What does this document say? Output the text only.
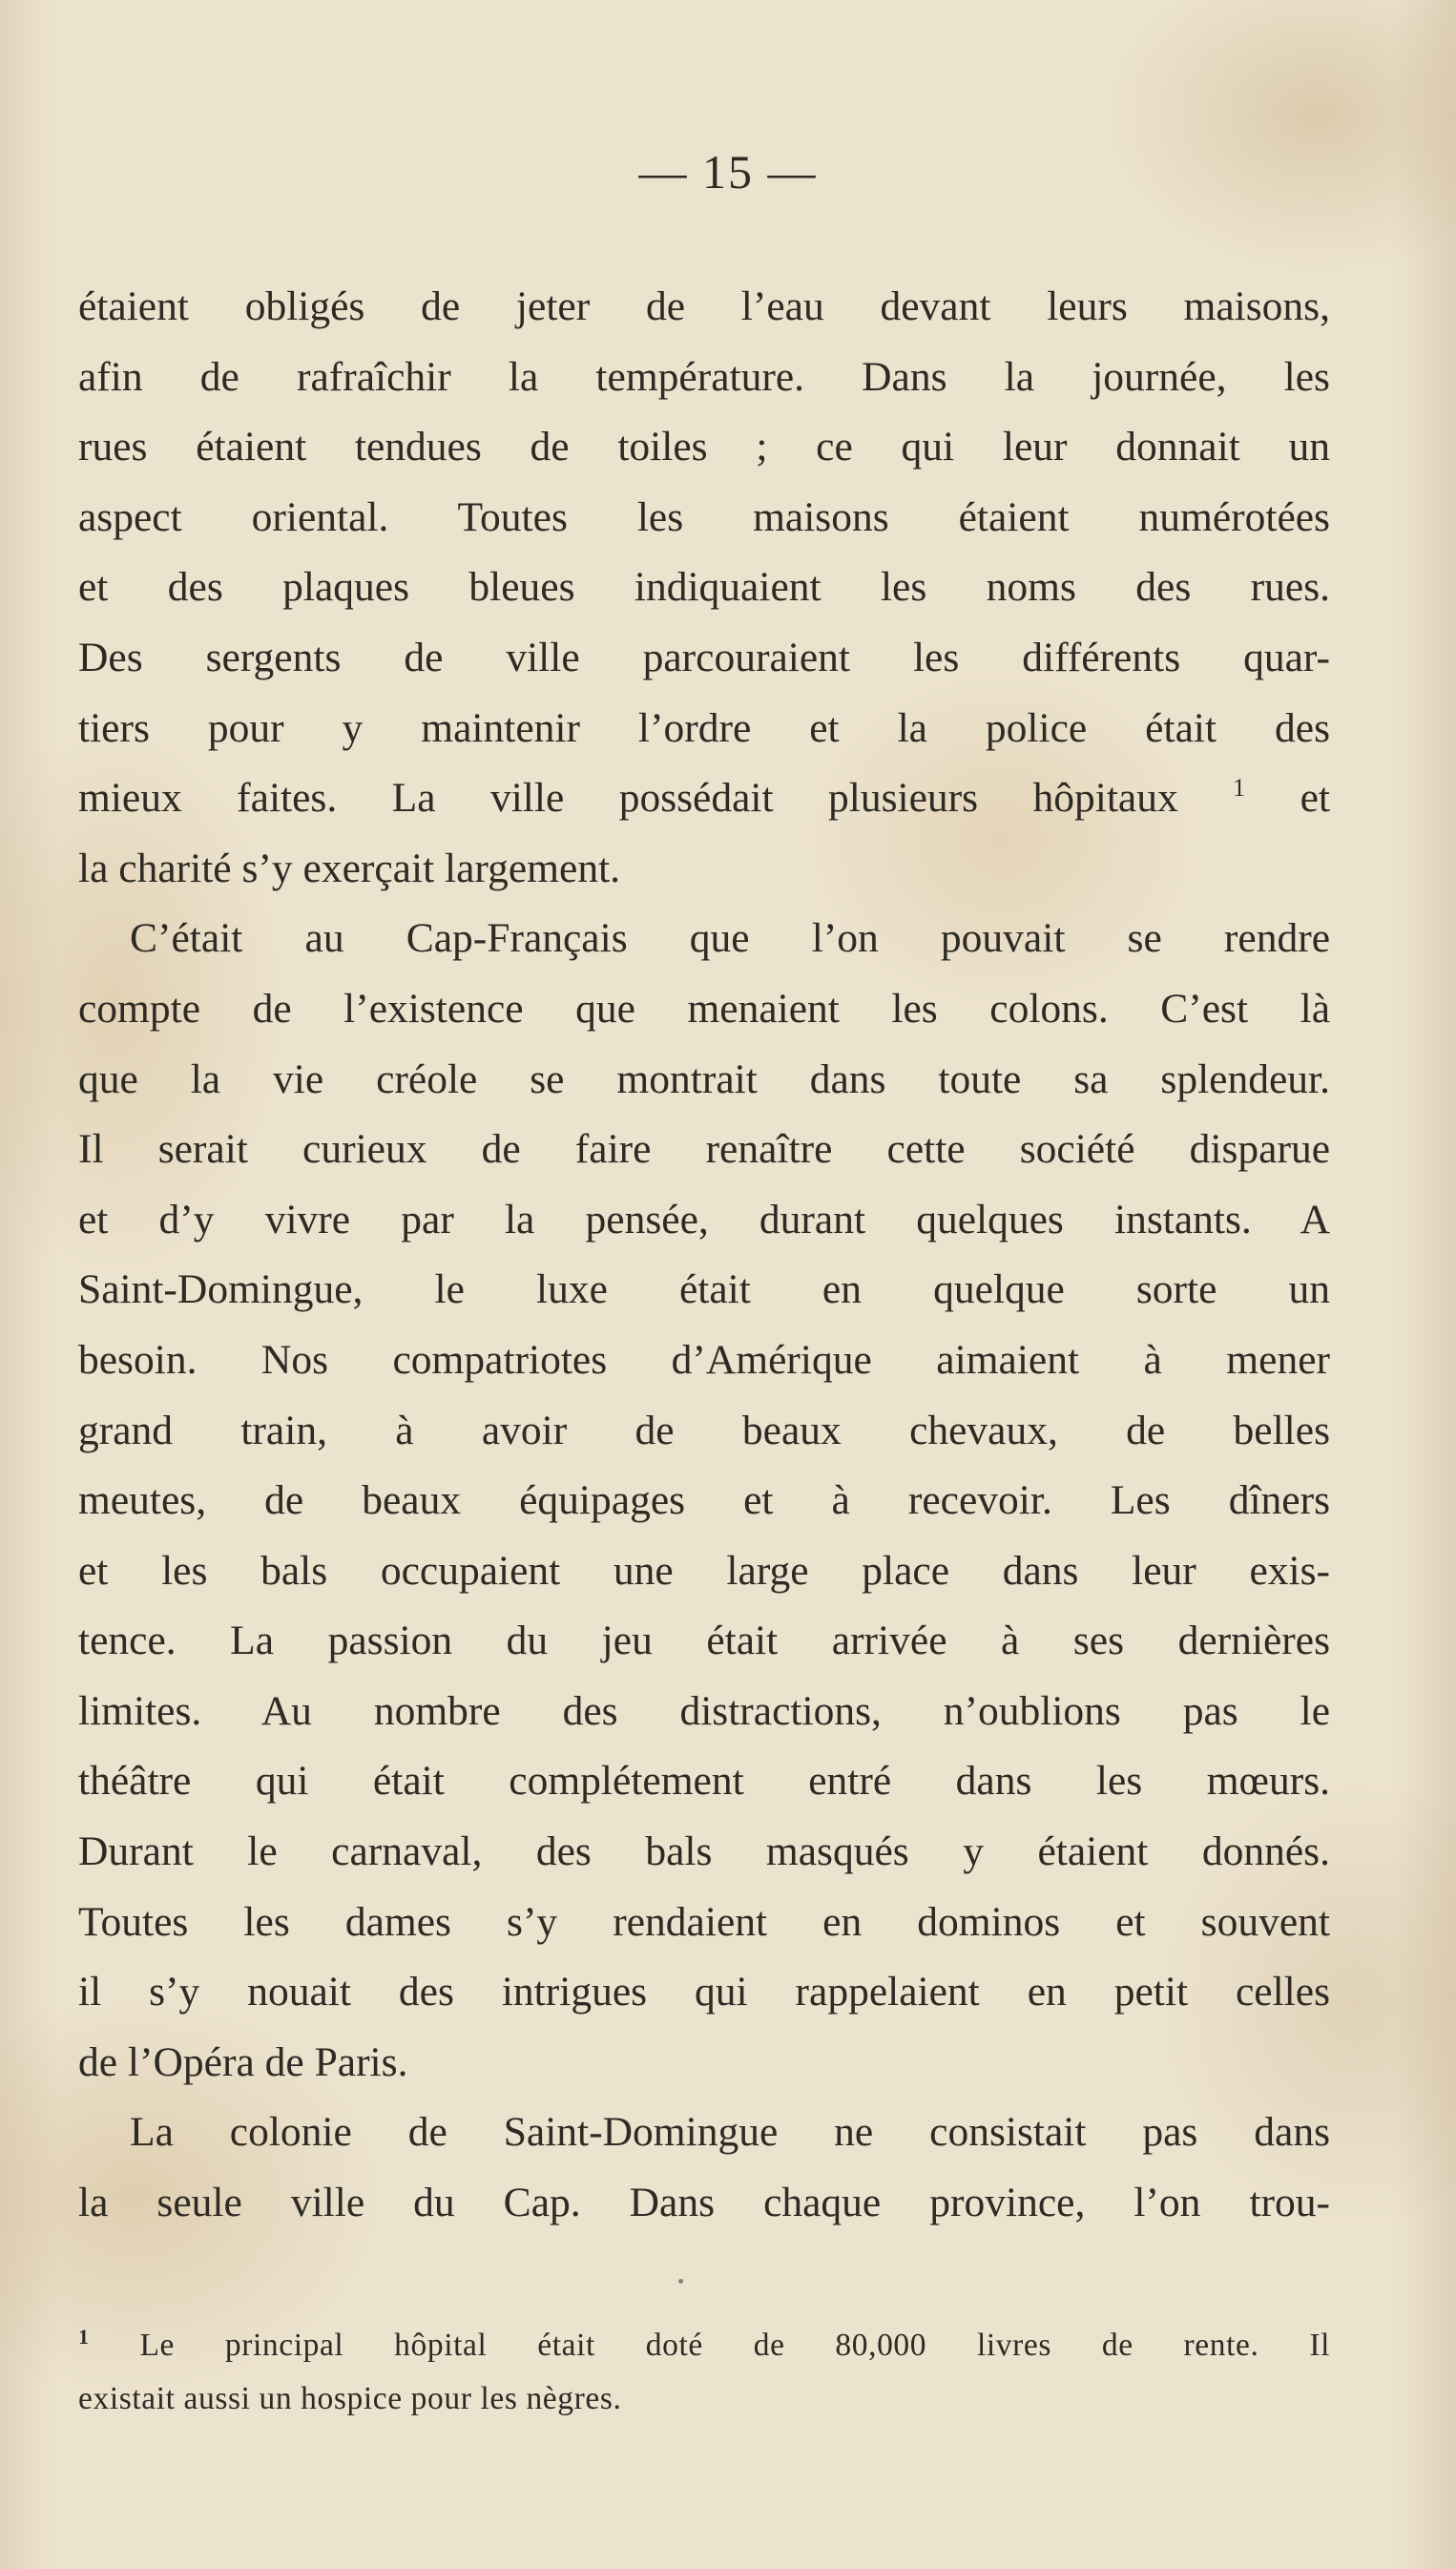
— 15 —

étaient obligés de jeter de l’eau devant leurs maisons,
afin de rafraîchir la température. Dans la journée, les
rues étaient tendues de toiles ; ce qui leur donnait un
aspect oriental. Toutes les maisons étaient numérotées
et des plaques bleues indiquaient les noms des rues.
Des sergents de ville parcouraient les différents quar-
tiers pour y maintenir l’ordre et la police était des
mieux faites. La ville possédait plusieurs hôpitaux $^1$ et
la charité s’y exerçait largement.

C’était au Cap-Français que l’on pouvait se rendre
compte de l’existence que menaient les colons. C’est là
que la vie créole se montrait dans toute sa splendeur.
Il serait curieux de faire renaître cette société disparue
et d’y vivre par la pensée, durant quelques instants. A
Saint-Domingue, le luxe était en quelque sorte un
besoin. Nos compatriotes d’Amérique aimaient à mener
grand train, à avoir de beaux chevaux, de belles
meutes, de beaux équipages et à recevoir. Les dîners
et les bals occupaient une large place dans leur exis-
tence. La passion du jeu était arrivée à ses dernières
limites. Au nombre des distractions, n’oublions pas le
théâtre qui était complétement entré dans les mœurs.
Durant le carnaval, des bals masqués y étaient donnés.
Toutes les dames s’y rendaient en dominos et souvent
il s’y nouait des intrigues qui rappelaient en petit celles
de l’Opéra de Paris.

La colonie de Saint-Domingue ne consistait pas dans
la seule ville du Cap. Dans chaque province, l’on trou-

$^1$ Le principal hôpital était doté de 80,000 livres de rente. Il
existait aussi un hospice pour les nègres.
